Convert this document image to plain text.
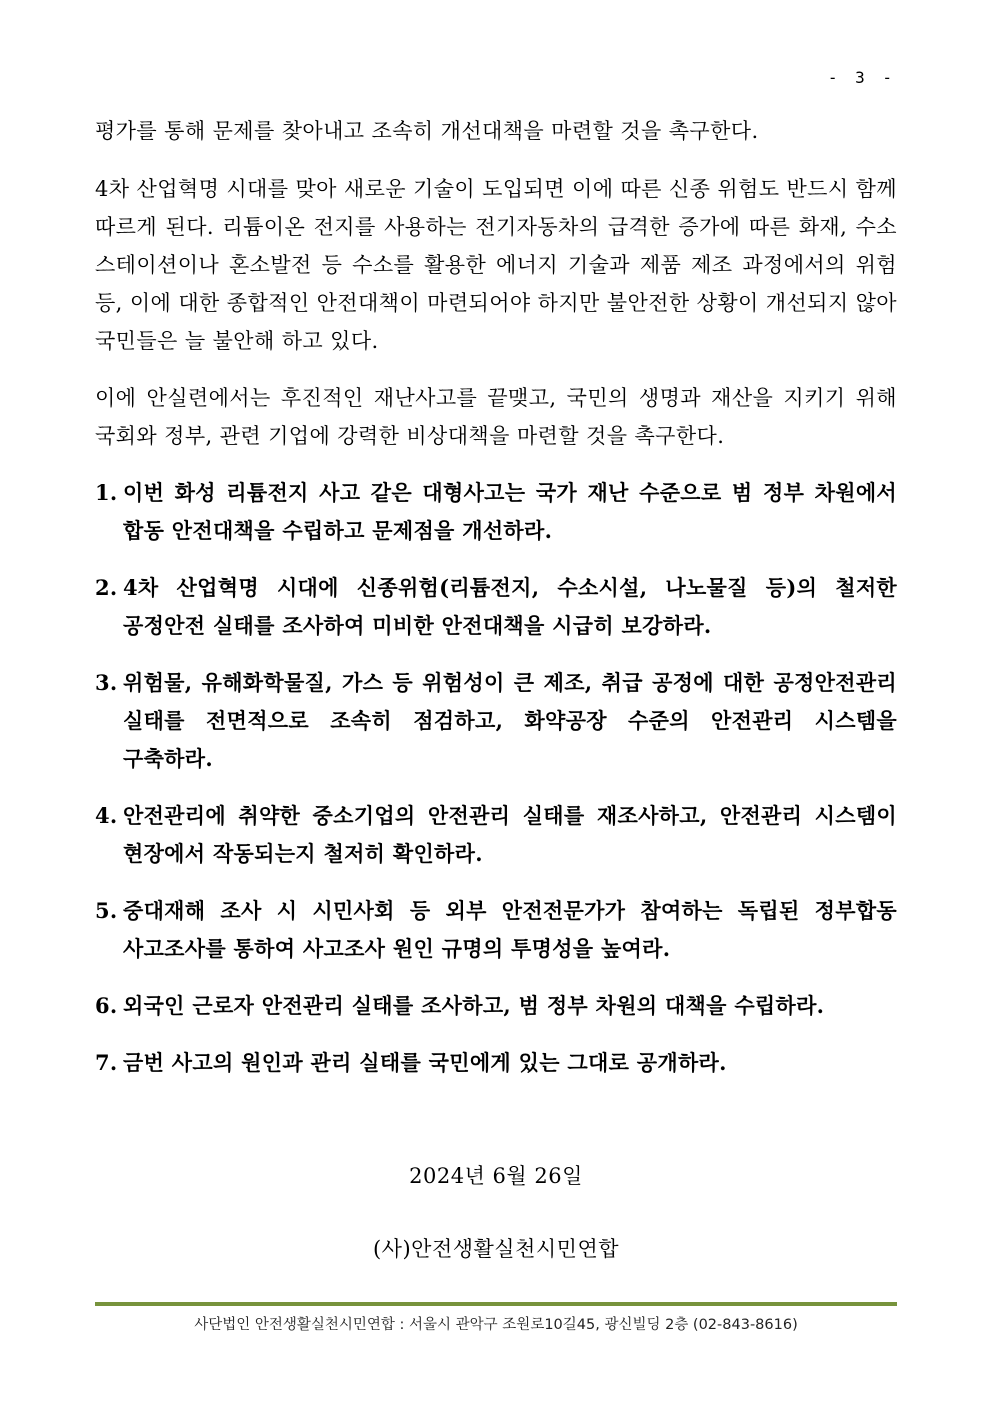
- 3 -

평가를 통해 문제를 찾아내고 조속히 개선대책을 마련할 것을 촉구한다.

4차 산업혁명 시대를 맞아 새로운 기술이 도입되면 이에 따른 신종 위험도 반드시 함께 따르게 된다. 리튬이온 전지를 사용하는 전기자동차의 급격한 증가에 따른 화재, 수소 스테이션이나 혼소발전 등 수소를 활용한 에너지 기술과 제품 제조 과정에서의 위험 등, 이에 대한 종합적인 안전대책이 마련되어야 하지만 불안전한 상황이 개선되지 않아 국민들은 늘 불안해 하고 있다.

이에 안실련에서는 후진적인 재난사고를 끝맺고, 국민의 생명과 재산을 지키기 위해 국회와 정부, 관련 기업에 강력한 비상대책을 마련할 것을 촉구한다.

1. 이번 화성 리튬전지 사고 같은 대형사고는 국가 재난 수준으로 범 정부 차원에서 합동 안전대책을 수립하고 문제점을 개선하라.
2. 4차 산업혁명 시대에 신종위험(리튬전지, 수소시설, 나노물질 등)의 철저한 공정안전 실태를 조사하여 미비한 안전대책을 시급히 보강하라.
3. 위험물, 유해화학물질, 가스 등 위험성이 큰 제조, 취급 공정에 대한 공정안전관리 실태를 전면적으로 조속히 점검하고, 화약공장 수준의 안전관리 시스템을 구축하라.
4. 안전관리에 취약한 중소기업의 안전관리 실태를 재조사하고, 안전관리 시스템이 현장에서 작동되는지 철저히 확인하라.
5. 중대재해 조사 시 시민사회 등 외부 안전전문가가 참여하는 독립된 정부합동 사고조사를 통하여 사고조사 원인 규명의 투명성을 높여라.
6. 외국인 근로자 안전관리 실태를 조사하고, 범 정부 차원의 대책을 수립하라.
7. 금번 사고의 원인과 관리 실태를 국민에게 있는 그대로 공개하라.
2024년 6월 26일
(사)안전생활실천시민연합
사단법인 안전생활실천시민연합 : 서울시 관악구 조원로10길45, 광신빌딩 2층 (02-843-8616)
